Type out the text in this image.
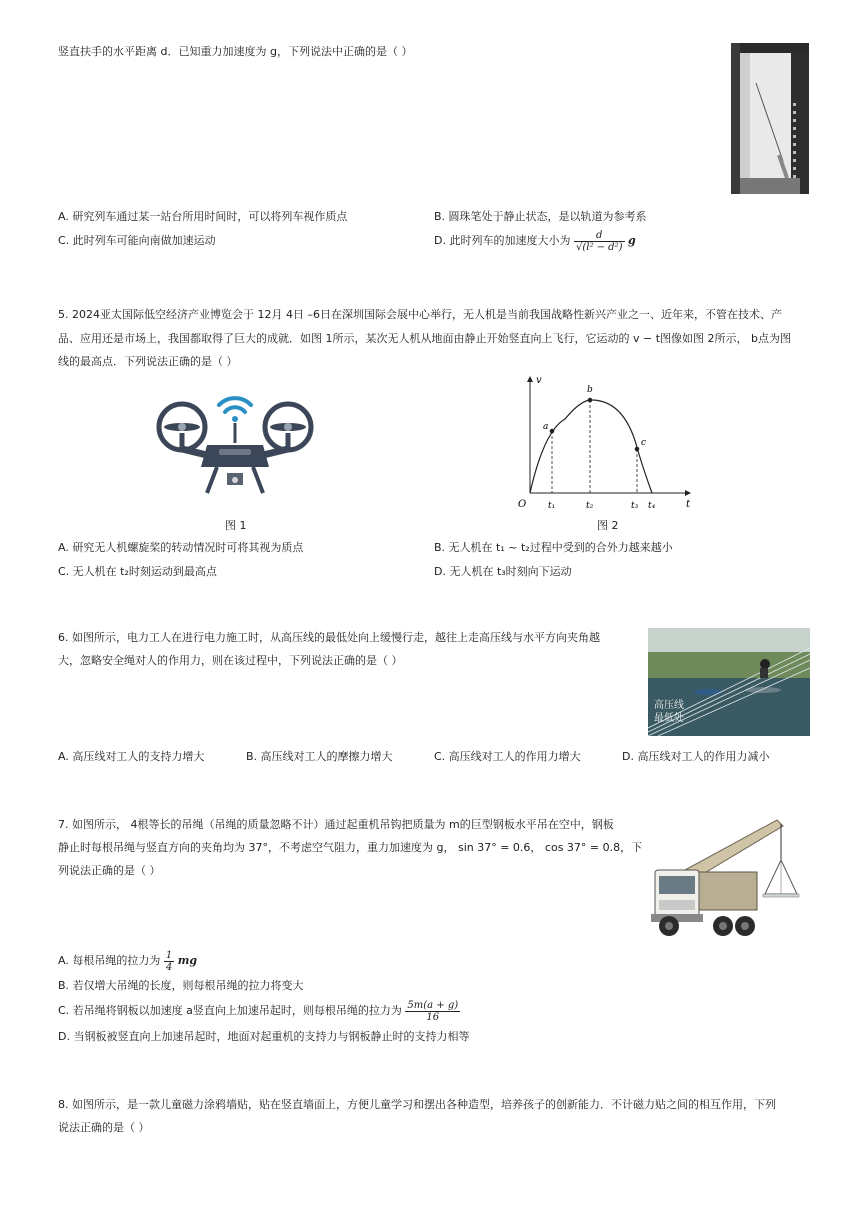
竖直扶手的水平距离 d．已知重力加速度为 g，下列说法中正确的是（ ）
A. 研究列车通过某一站台所用时间时，可以将列车视作质点	B. 圆珠笔处于静止状态，是以轨道为参考系
C. 此时列车可能向南做加速运动	D. 此时列车的加速度大小为 $\frac{d}{\text{√(l² − d²)}}$ g
5. 2024亚太国际低空经济产业博览会于 12月 4日 –6日在深圳国际会展中心举行，无人机是当前我国战略性新兴产业之一、近年来，不管在技术、产
品、应用还是市场上，我国都取得了巨大的成就．如图 1所示，某次无人机从地面由静止开始竖直向上飞行，它运动的 v − t图像如图 2所示， b点为图
线的最高点．下列说法正确的是（ ）
v
t
O
a
b
c
t₁	t₂	t₃ t₄
图 1	图 2
A. 研究无人机螺旋桨的转动情况时可将其视为质点	B. 无人机在 t₁ ~ t₂过程中受到的合外力越来越小
C. 无人机在 t₂时刻运动到最高点	D. 无人机在 t₃时刻向下运动
6. 如图所示，电力工人在进行电力施工时，从高压线的最低处向上缓慢行走，越往上走高压线与水平方向夹角越
大，忽略安全绳对人的作用力，则在该过程中，下列说法正确的是（ ）
高压线
最低处
A. 高压线对工人的支持力增大	B. 高压线对工人的摩擦力增大	C. 高压线对工人的作用力增大	D. 高压线对工人的作用力减小
7. 如图所示， 4根等长的吊绳（吊绳的质量忽略不计）通过起重机吊钩把质量为 m的巨型钢板水平吊在空中，钢板
静止时每根吊绳与竖直方向的夹角均为 37°，不考虑空气阻力，重力加速度为 g， sin 37° = 0.6， cos 37° = 0.8，下
列说法正确的是（ ）
A. 每根吊绳的拉力为 $\frac{1}{4}$ mg
B. 若仅增大吊绳的长度，则每根吊绳的拉力将变大
C. 若吊绳将钢板以加速度 a竖直向上加速吊起时，则每根吊绳的拉力为 $\frac{5m(a + g)}{16}$
D. 当钢板被竖直向上加速吊起时，地面对起重机的支持力与钢板静止时的支持力相等
8. 如图所示，是一款儿童磁力涂鸦墙贴，贴在竖直墙面上，方便儿童学习和摆出各种造型，培养孩子的创新能力．不计磁力贴之间的相互作用，下列
说法正确的是（ ）
